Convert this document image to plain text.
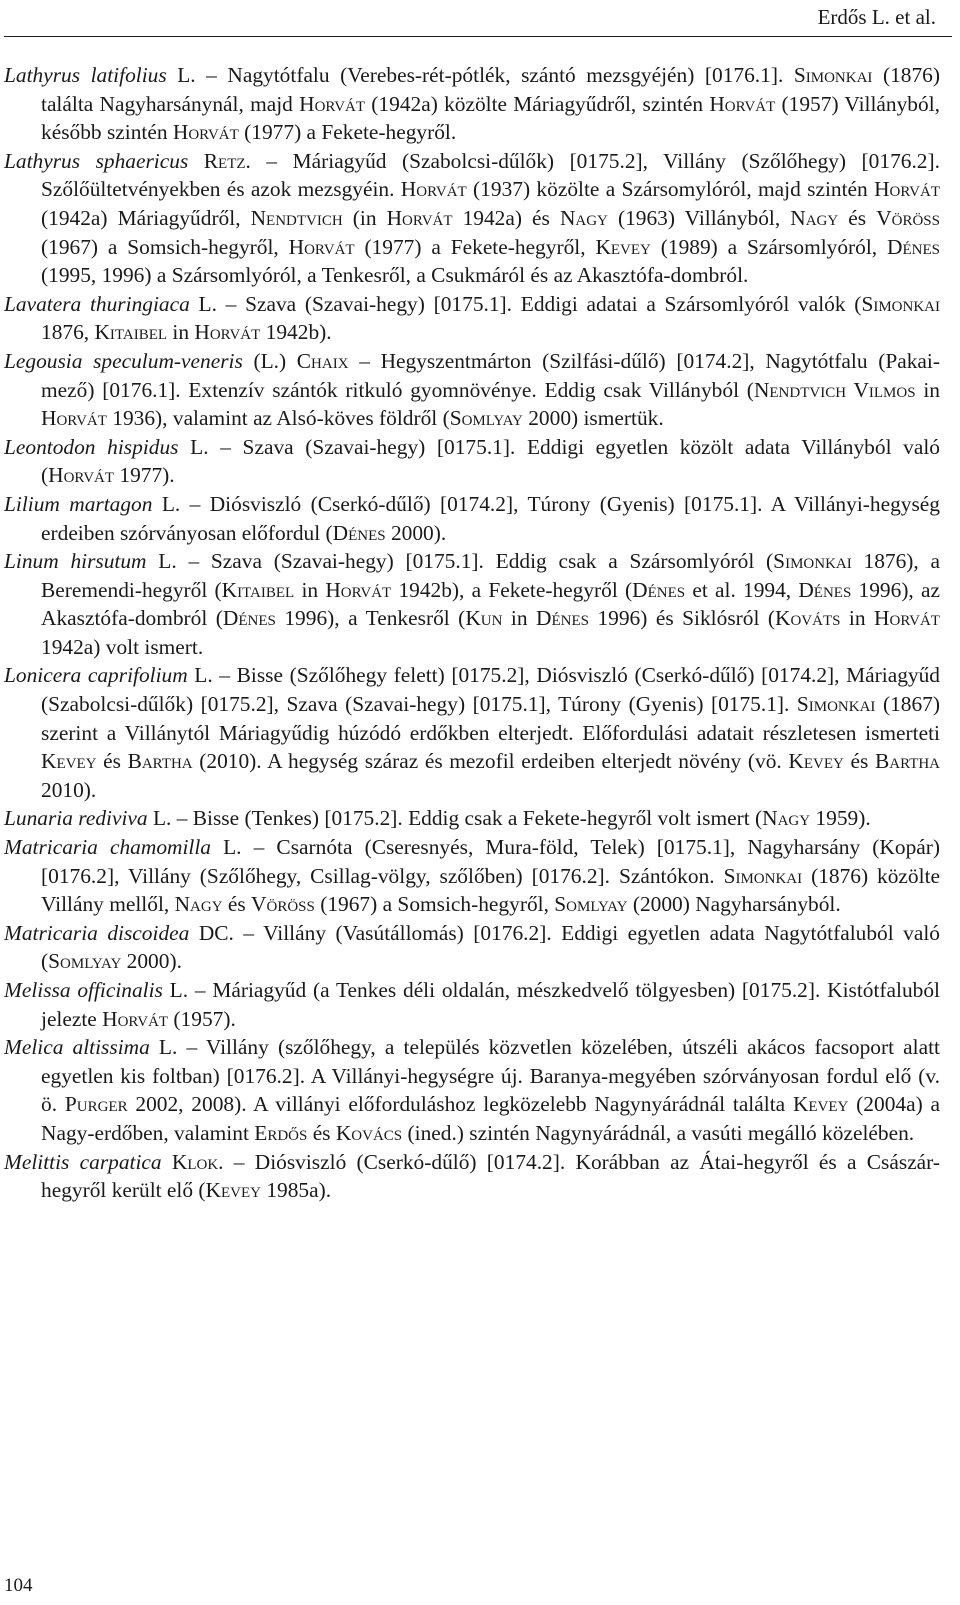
Erdős L. et al.

Lathyrus latifolius L. – Nagytótfalu (Verebes-rét-pótlék, szántó mezsgyéjén) [0176.1]. Simonkai (1876) találta Nagyharsánynál, majd Horvát (1942a) közölte Máriagyűdről, szintén Horvát (1957) Villányból, később szintén Horvát (1977) a Fekete-hegyről.

Lathyrus sphaericus Retz. – Máriagyűd (Szabolcsi-dűlők) [0175.2], Villány (Szőlőhegy) [0176.2]. Szőlőültetvényekben és azok mezsgyéin. Horvát (1937) közölte a Szársomylóról, majd szintén Horvát (1942a) Máriagyűdről, Nendtvich (in Horvát 1942a) és Nagy (1963) Villányból, Nagy és Vöröss (1967) a Somsich-hegyről, Horvát (1977) a Fekete-hegyről, Kevey (1989) a Szársomlyóról, Dénes (1995, 1996) a Szársomlyóról, a Tenkesről, a Csukmáról és az Akasztófa-dombról.

Lavatera thuringiaca L. – Szava (Szavai-hegy) [0175.1]. Eddigi adatai a Szársomlyóról valók (Simonkai 1876, Kitaibel in Horvát 1942b).

Legousia speculum-veneris (L.) Chaix – Hegyszentmárton (Szilfási-dűlő) [0174.2], Nagytótfalu (Pakai-mező) [0176.1]. Extenzív szántók ritkuló gyomnövénye. Eddig csak Villányból (Nendtvich Vilmos in Horvát 1936), valamint az Alsó-köves földről (Somlyay 2000) ismertük.

Leontodon hispidus L. – Szava (Szavai-hegy) [0175.1]. Eddigi egyetlen közölt adata Villányból való (Horvát 1977).

Lilium martagon L. – Diósviszló (Cserkó-dűlő) [0174.2], Túrony (Gyenis) [0175.1]. A Villányi-hegység erdeiben szórványosan előfordul (Dénes 2000).

Linum hirsutum L. – Szava (Szavai-hegy) [0175.1]. Eddig csak a Szársomlyóról (Simonkai 1876), a Beremendi-hegyről (Kitaibel in Horvát 1942b), a Fekete-hegyről (Dénes et al. 1994, Dénes 1996), az Akasztófa-dombról (Dénes 1996), a Tenkesről (Kun in Dénes 1996) és Siklósról (Kováts in Horvát 1942a) volt ismert.

Lonicera caprifolium L. – Bisse (Szőlőhegy felett) [0175.2], Diósviszló (Cserkó-dűlő) [0174.2], Máriagyűd (Szabolcsi-dűlők) [0175.2], Szava (Szavai-hegy) [0175.1], Túrony (Gyenis) [0175.1]. Simonkai (1867) szerint a Villánytól Máriagyűdig húzódó erdőkben elterjedt. Előfordulási adatait részletesen ismerteti Kevey és Bartha (2010). A hegység száraz és mezofil erdeiben elterjedt növény (vö. Kevey és Bartha 2010).

Lunaria rediviva L. – Bisse (Tenkes) [0175.2]. Eddig csak a Fekete-hegyről volt ismert (Nagy 1959).

Matricaria chamomilla L. – Csarnóta (Cseresnyés, Mura-föld, Telek) [0175.1], Nagyharsány (Kopár) [0176.2], Villány (Szőlőhegy, Csillag-völgy, szőlőben) [0176.2]. Szántókon. Simonkai (1876) közölte Villány mellől, Nagy és Vöröss (1967) a Somsich-hegyről, Somlyay (2000) Nagyharsányból.

Matricaria discoidea DC. – Villány (Vasútállomás) [0176.2]. Eddigi egyetlen adata Nagytótfaluból való (Somlyay 2000).

Melissa officinalis L. – Máriagyűd (a Tenkes déli oldalán, mészkedvelő tölgyesben) [0175.2]. Kistótfaluból jelezte Horvát (1957).

Melica altissima L. – Villány (szőlőhegy, a település közvetlen közelében, útszéli akácos facsoport alatt egyetlen kis foltban) [0176.2]. A Villányi-hegységre új. Baranya-megyében szórványosan fordul elő (v. ö. Purger 2002, 2008). A villányi előforduláshoz legközelebb Nagynyárádnál találta Kevey (2004a) a Nagy-erdőben, valamint Erdős és Kovács (ined.) szintén Nagynyárádnál, a vasúti megálló közelében.

Melittis carpatica Klok. – Diósviszló (Cserkó-dűlő) [0174.2]. Korábban az Átai-hegyről és a Császár-hegyről került elő (Kevey 1985a).

104
